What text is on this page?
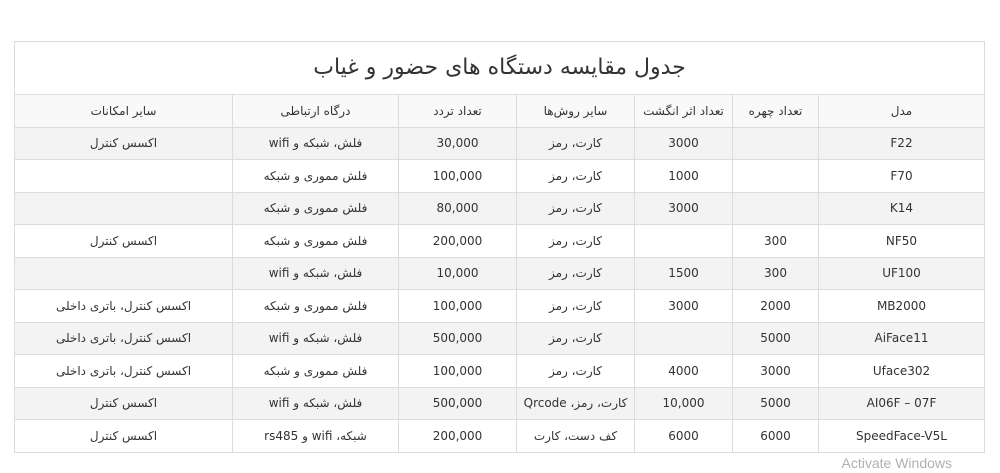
جدول مقایسه دستگاه های حضور و غیاب
مدل	تعداد چهره	تعداد اثر انگشت	سایر روش‌ها	تعداد تردد	درگاه ارتباطی	سایر امکانات
F22		3000	کارت، رمز	30,000	فلش، شبکه و wifi	اکسس کنترل
F70		1000	کارت، رمز	100,000	فلش مموری و شبکه	
K14		3000	کارت، رمز	80,000	فلش مموری و شبکه	
NF50	300		کارت، رمز	200,000	فلش مموری و شبکه	اکسس کنترل
UF100	300	1500	کارت، رمز	10,000	فلش، شبکه و wifi	
MB2000	2000	3000	کارت، رمز	100,000	فلش مموری و شبکه	اکسس کنترل، باتری داخلی
AiFace11	5000		کارت، رمز	500,000	فلش، شبکه و wifi	اکسس کنترل، باتری داخلی
Uface302	3000	4000	کارت، رمز	100,000	فلش مموری و شبکه	اکسس کنترل، باتری داخلی
AI06F – 07F	5000	10,000	کارت، رمز، Qrcode	500,000	فلش، شبکه و wifi	اکسس کنترل
SpeedFace-V5L	6000	6000	کف دست، کارت	200,000	شبکه، wifi و rs485	اکسس کنترل
Activate Windows
